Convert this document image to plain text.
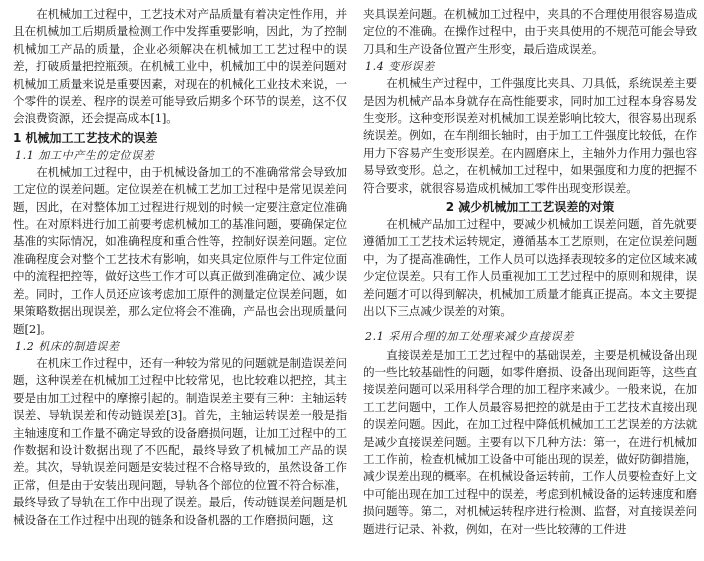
在机械加工过程中，工艺技术对产品质量有着决定性作用，并且在机械加工后期质量检测工作中发挥重要影响，因此，为了控制机械加工产品的质量，企业必须解决在机械加工工艺过程中的误差，打破质量把控瓶颈。在机械工业中，机械加工中的误差问题对机械加工质量来说是重要因素，对现在的机械化工业技术来说，一个零件的误差、程序的误差可能导致后期多个环节的误差，这不仅会浪费资源，还会提高成本[1]。

1 机械加工工艺技术的误差
1.1 加工中产生的定位误差

在机械加工过程中，由于机械设备加工的不准确常常会导致加工定位的误差问题。定位误差在机械工艺加工过程中是常见误差问题，因此，在对整体加工过程进行规划的时候一定要注意定位准确性。在对原料进行加工前要考虑机械加工的基准问题，要确保定位基准的实际情况，如准确程度和重合性等，控制好误差问题。定位准确程度会对整个工艺技术有影响，如夹具定位原件与工件定位面中的流程把控等，做好这些工作才可以真正做到准确定位、减少误差。同时，工作人员还应该考虑加工原件的测量定位误差问题，如果策略数据出现误差，那么定位将会不准确，产品也会出现质量问题[2]。

1.2 机床的制造误差

在机床工作过程中，还有一种较为常见的问题就是制造误差问题，这种误差在机械加工过程中比较常见，也比较难以把控，其主要是由加工过程中的摩擦引起的。制造误差主要有三种：主轴运转误差、导轨误差和传动链误差[3]。首先，主轴运转误差一般是指主轴速度和工作量不确定导致的设备磨损问题，让加工过程中的工作数据和设计数据出现了不匹配，最终导致了机械加工产品的误差。其次，导轨误差问题是安装过程不合格导致的，虽然设备工作正常，但是由于安装出现问题，导轨各个部位的位置不符合标准，最终导致了导轨在工作中出现了误差。最后，传动链误差问题是机械设备在工作过程中出现的链条和设备机器的工作磨损问题，这

夹具误差问题。在机械加工过程中，夹具的不合理使用很容易造成定位的不准确。在操作过程中，由于夹具使用的不规范可能会导致刀具和生产设备位置产生形变，最后造成误差。

1.4 变形误差

在机械生产过程中，工件强度比夹具、刀具低，系统误差主要是因为机械产品本身就存在高性能要求，同时加工过程本身容易发生变形。这种变形误差对机械加工误差影响比较大，很容易出现系统误差。例如，在车削细长轴时，由于加工工件强度比较低，在作用力下容易产生变形误差。在内圆磨床上，主轴外力作用力强也容易导致变形。总之，在机械加工过程中，如果强度和力度的把握不符合要求，就很容易造成机械加工零件出现变形误差。

2 减少机械加工工艺误差的对策

在机械产品加工过程中，要减少机械加工误差问题，首先就要遵循加工工艺技术运转规定，遵循基本工艺原则，在定位误差问题中，为了提高准确性，工作人员可以选择表现较多的定位区域来减少定位误差。只有工作人员重视加工工艺过程中的原则和规律，误差问题才可以得到解决，机械加工质量才能真正提高。本文主要提出以下三点减少误差的对策。

2.1 采用合理的加工处理来减少直接误差

直接误差是加工工艺过程中的基础误差，主要是机械设备出现的一些比较基础性的问题，如零件磨损、设备出现间距等，这些直接误差问题可以采用科学合理的加工程序来减少。一般来说，在加工工艺问题中，工作人员最容易把控的就是由于工艺技术直接出现的误差问题。因此，在加工过程中降低机械加工工艺误差的方法就是减少直接误差问题。主要有以下几种方法：第一，在进行机械加工工作前，检查机械加工设备中可能出现的误差，做好防御措施，减少误差出现的概率。在机械设备运转前，工作人员要检查好上文中可能出现在加工过程中的误差，考虑到机械设备的运转速度和磨损问题等。第二，对机械运转程序进行检测、监督，对直接误差问题进行记录、补救，例如，在对一些比较薄的工件进
